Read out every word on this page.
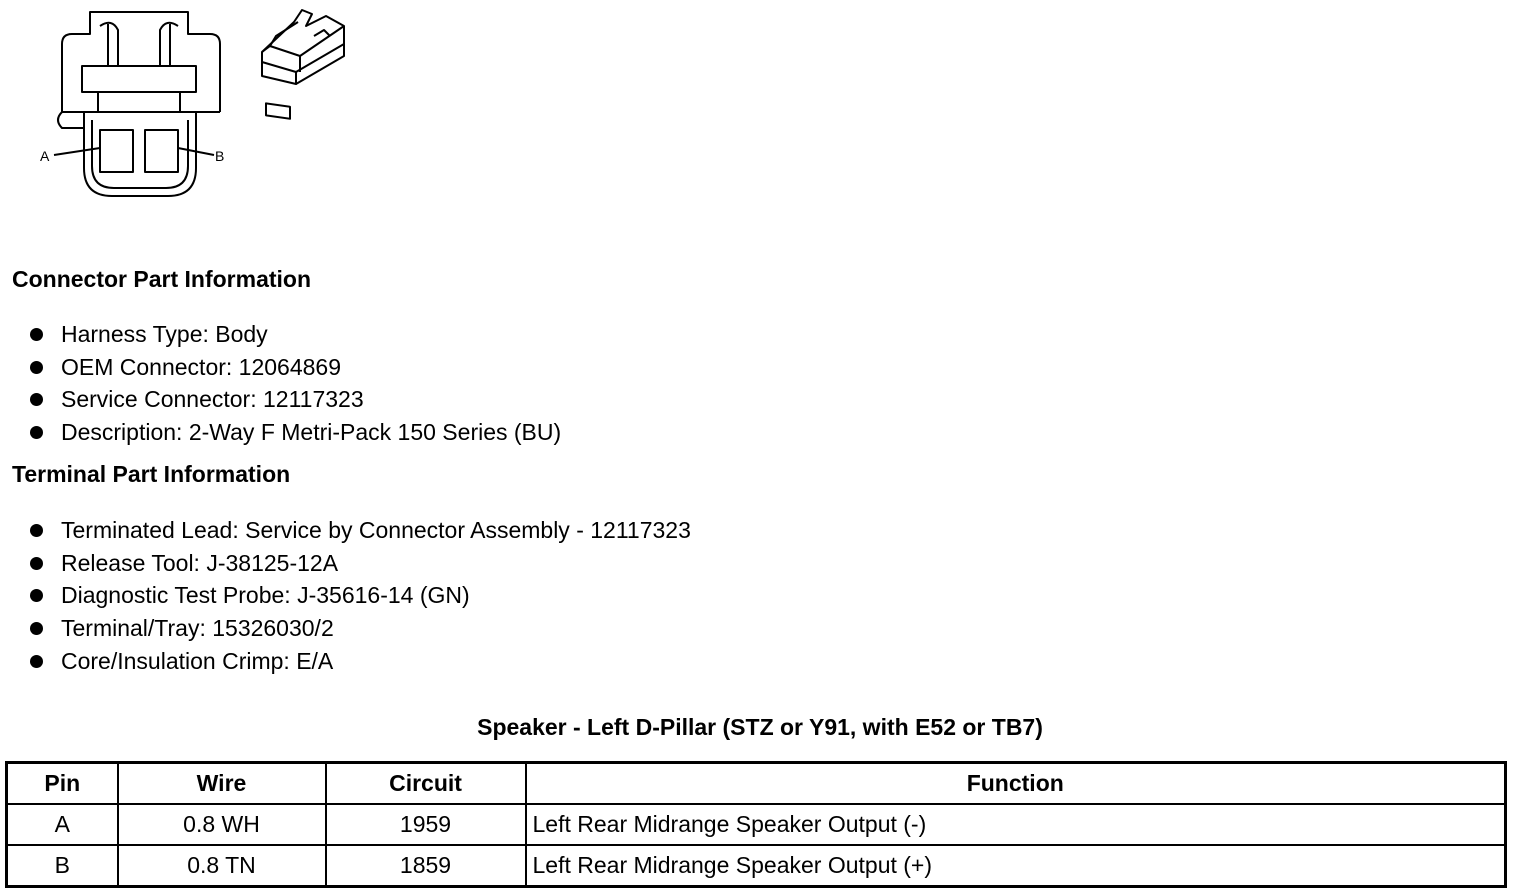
A	B
Connector Part Information
Harness Type: Body
OEM Connector: 12064869
Service Connector: 12117323
Description: 2-Way F Metri-Pack 150 Series (BU)
Terminal Part Information
Terminated Lead: Service by Connector Assembly - 12117323
Release Tool: J-38125-12A
Diagnostic Test Probe: J-35616-14 (GN)
Terminal/Tray: 15326030/2
Core/Insulation Crimp: E/A
Speaker - Left D-Pillar (STZ or Y91, with E52 or TB7)
Pin	Wire	Circuit	Function
A	0.8 WH	1959	Left Rear Midrange Speaker Output (-)
B	0.8 TN	1859	Left Rear Midrange Speaker Output (+)
